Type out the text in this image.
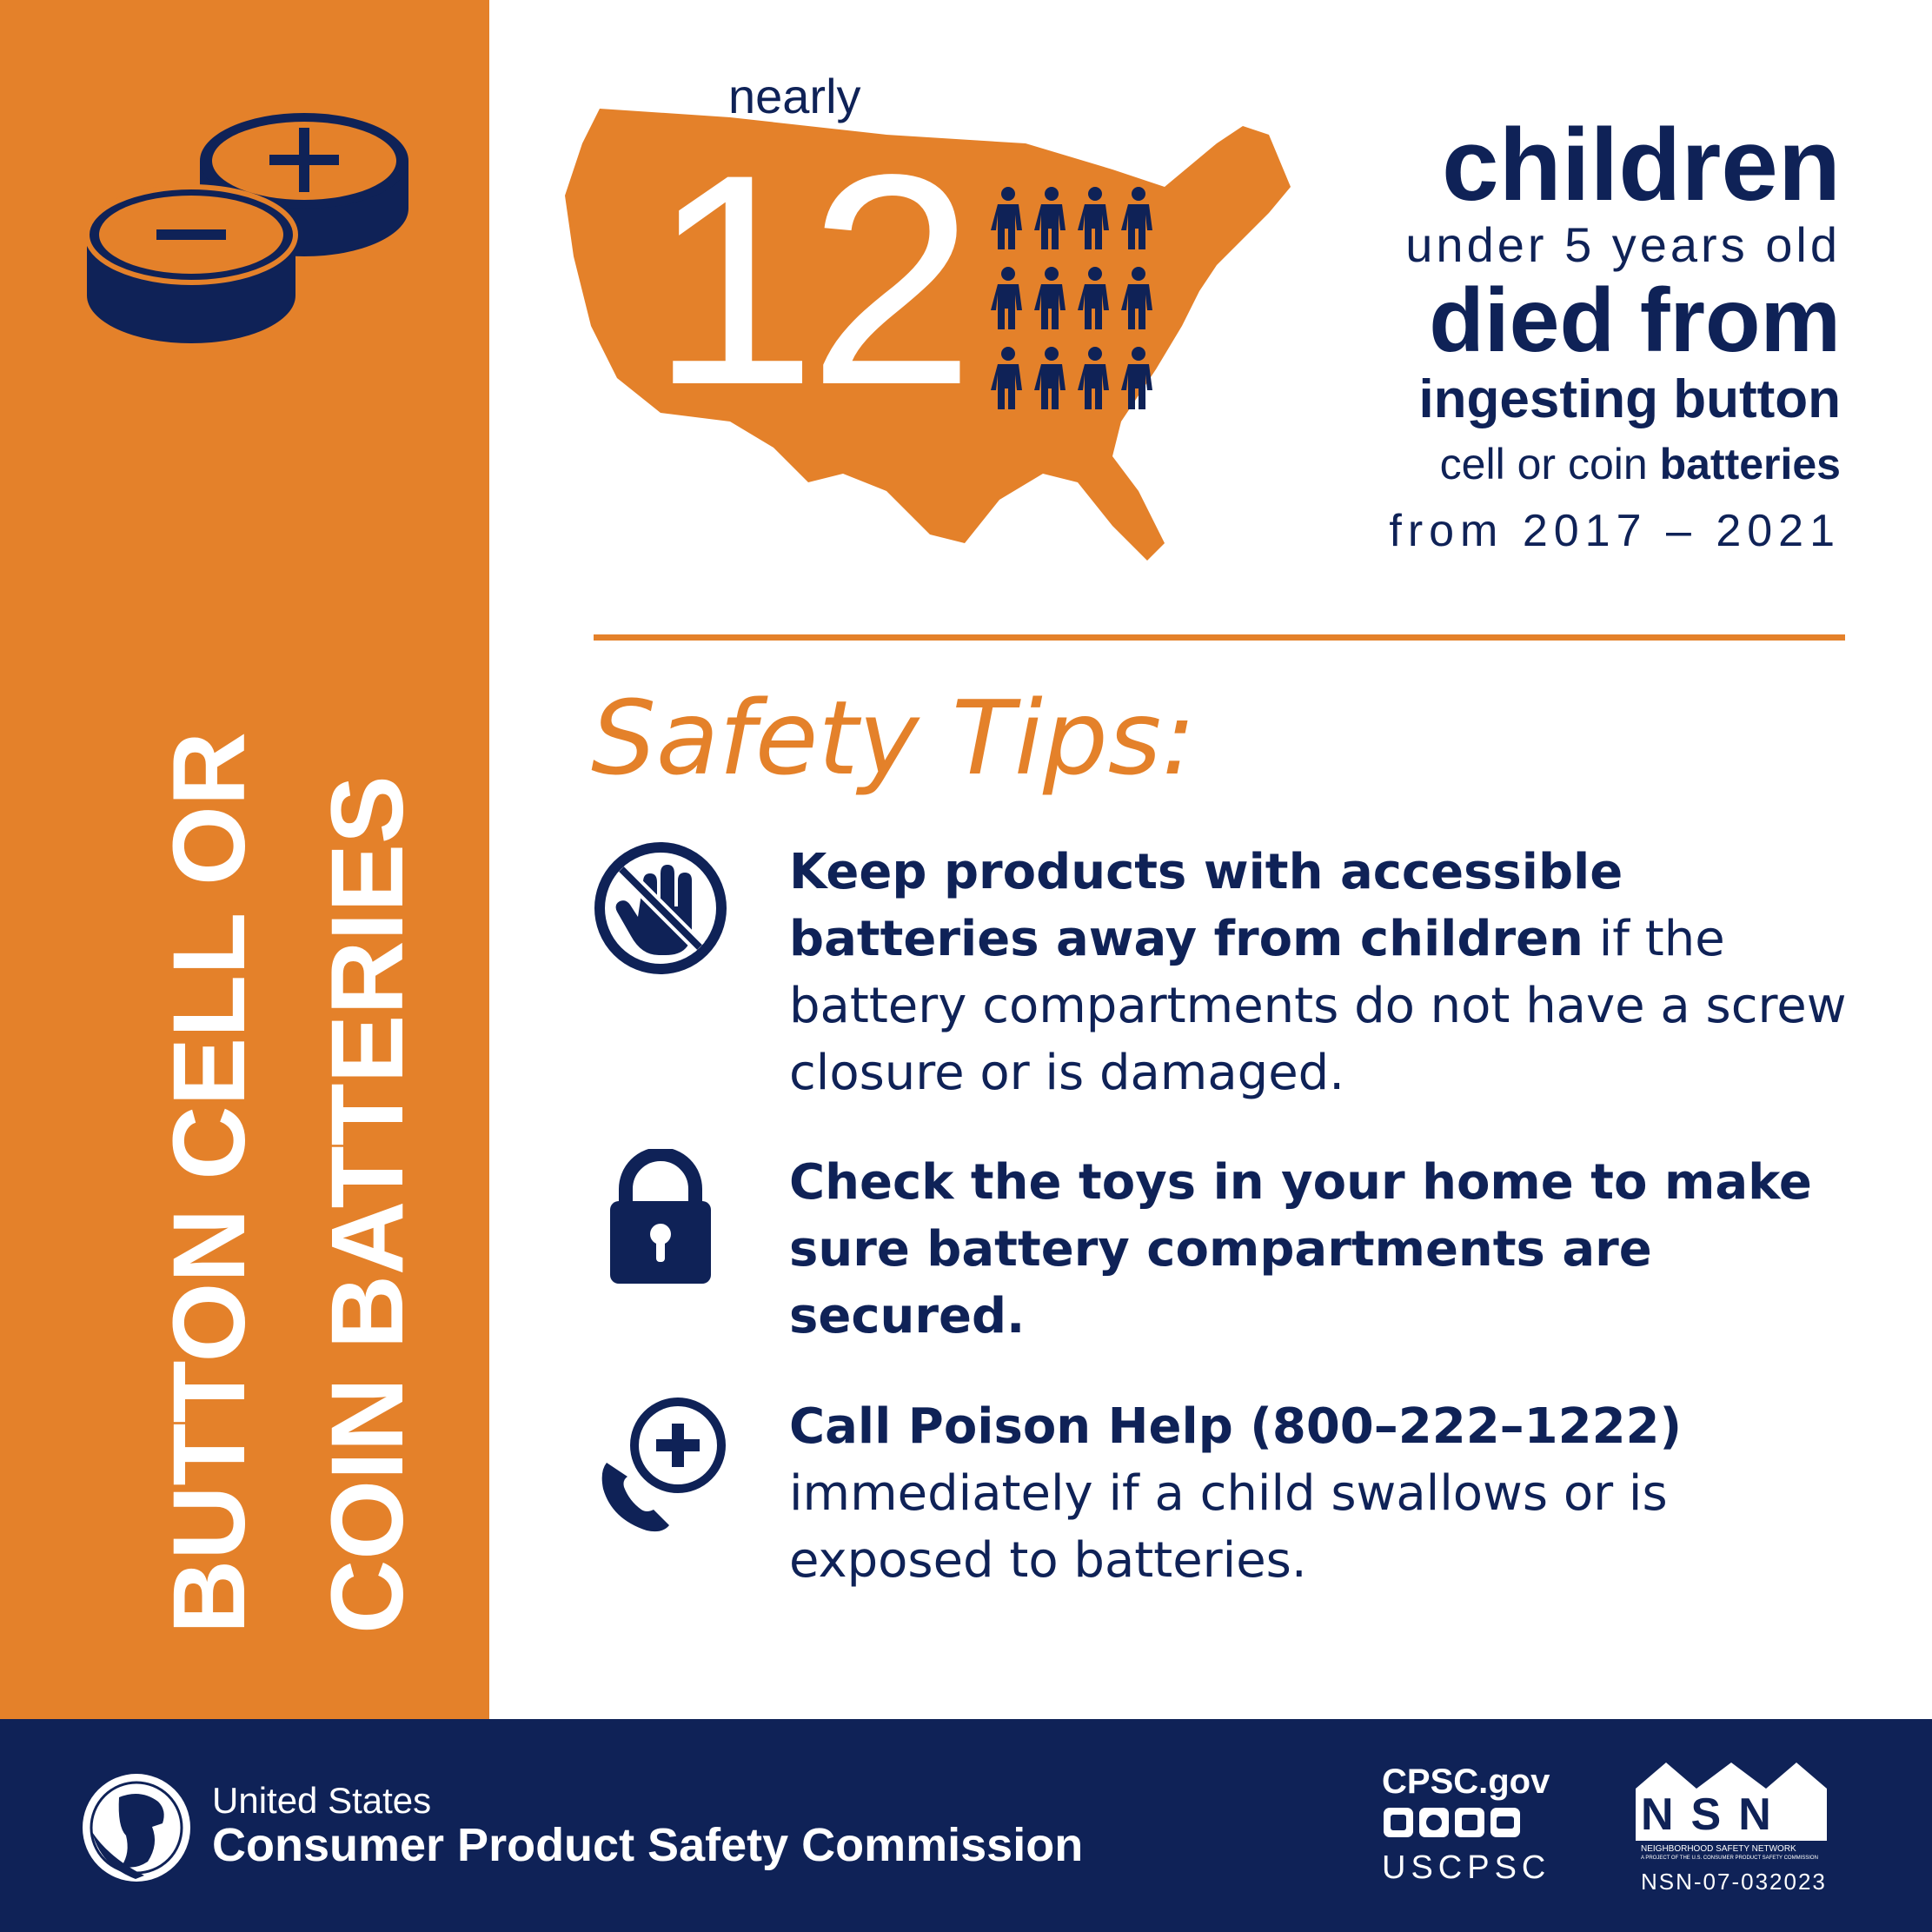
BUTTON CELL OR COIN BATTERIES
nearly
12	children
under 5 years old
died from
ingesting button
cell or coin batteries
from 2017 – 2021
Safety Tips:
Keep products with accessible batteries away from children if the battery compartments do not have a screw closure or is damaged.
Check the toys in your home to make sure battery compartments are secured.
Call Poison Help (800–222–1222) immediately if a child swallows or is exposed to batteries.
United States
Consumer Product Safety Commission
CPSC.gov
USCPSC
NSN
NEIGHBORHOOD SAFETY NETWORK
A PROJECT OF THE U.S. CONSUMER PRODUCT SAFETY COMMISSION
NSN-07-032023
